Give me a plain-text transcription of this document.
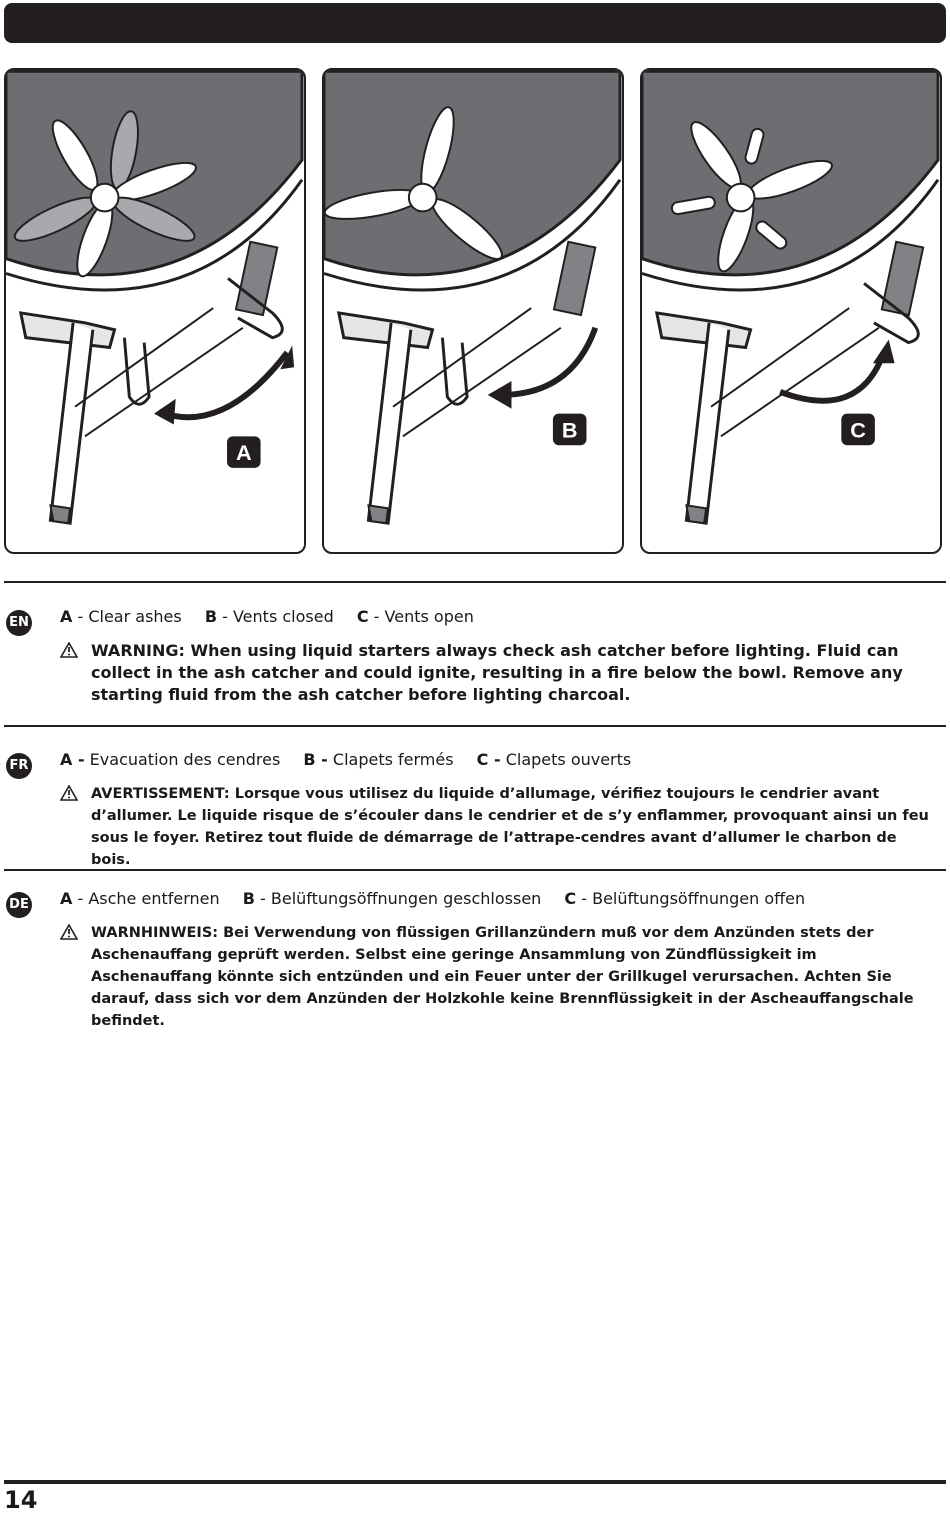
A
B	C
EN A - Clear ashes B - Vents closed C - Vents open
WARNING: When using liquid starters always check ash catcher before lighting. Fluid can collect in the ash catcher and could ignite, resulting in a fire below the bowl. Remove any starting fluid from the ash catcher before lighting charcoal.
FR A - Evacuation des cendres B - Clapets fermés C - Clapets ouverts
AVERTISSEMENT: Lorsque vous utilisez du liquide d’allumage, vérifiez toujours le cendrier avant d’allumer. Le liquide risque de s’écouler dans le cendrier et de s’y enflammer, provoquant ainsi un feu sous le foyer. Retirez tout fluide de démarrage de l’attrape-cendres avant d’allumer le charbon de bois.
DE A - Asche entfernen B - Belüftungsöffnungen geschlossen C - Belüftungsöffnungen offen
WARNHINWEIS: Bei Verwendung von flüssigen Grillanzündern muß vor dem Anzünden stets der Aschenauffang geprüft werden. Selbst eine geringe Ansammlung von Zündflüssigkeit im Aschenauffang könnte sich entzünden und ein Feuer unter der Grillkugel verursachen. Achten Sie darauf, dass sich vor dem Anzünden der Holzkohle keine Brennflüssigkeit in der Ascheauffangschale befindet.
14
